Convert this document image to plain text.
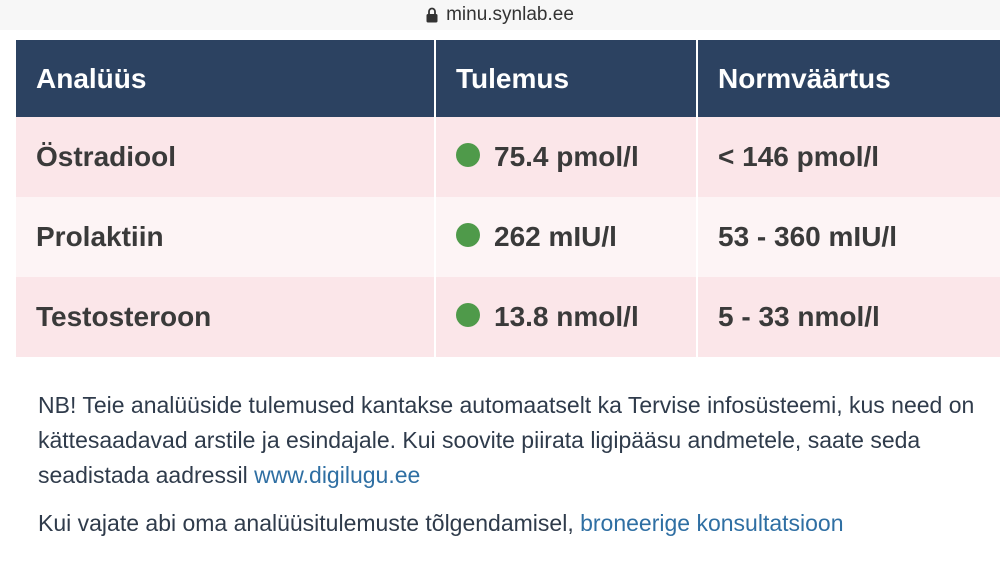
minu.synlab.ee
Analüüs	Tulemus	Normväärtus
Östradiool	75.4 pmol/l	< 146 pmol/l
Prolaktiin	262 mIU/l	53 - 360 mIU/l
Testosteroon	13.8 nmol/l	5 - 33 nmol/l

NB! Teie analüüside tulemused kantakse automaatselt ka Tervise infosüsteemi, kus need on kättesaadavad arstile ja esindajale. Kui soovite piirata ligipääsu andmetele, saate seda seadistada aadressil www.digilugu.ee

Kui vajate abi oma analüüsitulemuste tõlgendamisel, broneerige konsultatsioon
